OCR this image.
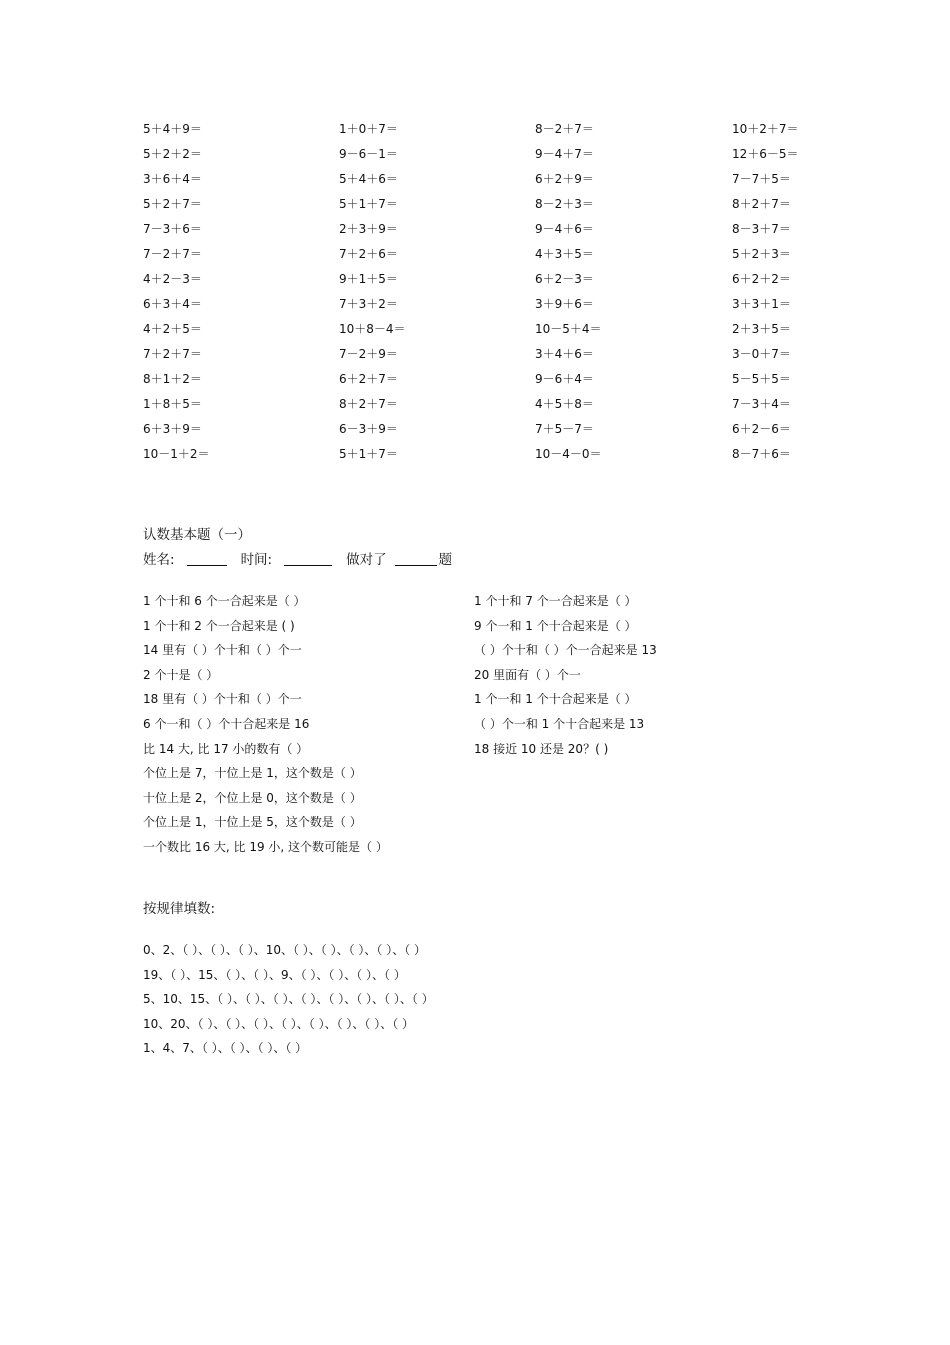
5＋4＋9＝	1＋0＋7＝	8－2＋7＝	10＋2＋7＝
5＋2＋2＝	9－6－1＝	9－4＋7＝	12＋6－5＝
3＋6＋4＝	5＋4＋6＝	6＋2＋9＝	7－7＋5＝
5＋2＋7＝	5＋1＋7＝	8－2＋3＝	8＋2＋7＝
7－3＋6＝	2＋3＋9＝	9－4＋6＝	8－3＋7＝
7－2＋7＝	7＋2＋6＝	4＋3＋5＝	5＋2＋3＝
4＋2－3＝	9＋1＋5＝	6＋2－3＝	6＋2＋2＝
6＋3＋4＝	7＋3＋2＝	3＋9＋6＝	3＋3＋1＝
4＋2＋5＝	10＋8－4＝	10－5＋4＝	2＋3＋5＝
7＋2＋7＝	7－2＋9＝	3＋4＋6＝	3－0＋7＝
8＋1＋2＝	6＋2＋7＝	9－6＋4＝	5－5＋5＝
1＋8＋5＝	8＋2＋7＝	4＋5＋8＝	7－3＋4＝
6＋3＋9＝	6－3＋9＝	7＋5－7＝	6＋2－6＝
10－1＋2＝	5＋1＋7＝	10－4－0＝	8－7＋6＝
认数基本题（一）
姓名:	时间:	做对了	题
1 个十和 6 个一合起来是（ ）
1 个十和 2 个一合起来是 ( )
14 里有（ ）个十和（ ）个一
2 个十是（ ）
18 里有（ ）个十和（ ）个一
6 个一和（ ）个十合起来是 16
比 14 大, 比 17 小的数有（ ）
个位上是 7，十位上是 1，这个数是（ ）
十位上是 2，个位上是 0，这个数是（ ）
个位上是 1，十位上是 5，这个数是（ ）
一个数比 16 大, 比 19 小, 这个数可能是（ ）
1 个十和 7 个一合起来是（ ）
9 个一和 1 个十合起来是（ ）
（ ）个十和（ ）个一合起来是 13
20 里面有（ ）个一
1 个一和 1 个十合起来是（ ）
（ ）个一和 1 个十合起来是 13
18 接近 10 还是 20？( )
按规律填数:
0、2、（ ）、（ ）、（ ）、10、（ ）、（ ）、（ ）、（ ）、（ ）
19、（ ）、15、（ ）、（ ）、9、（ ）、（ ）、（ ）、（ ）
5、10、15、（ ）、（ ）、（ ）、（ ）、（ ）、（ ）、（ ）、（ ）
10、20、（ ）、（ ）、（ ）、（ ）、（ ）、（ ）、（ ）、（ ）
1、4、7、（ ）、（ ）、（ ）、（ ）
